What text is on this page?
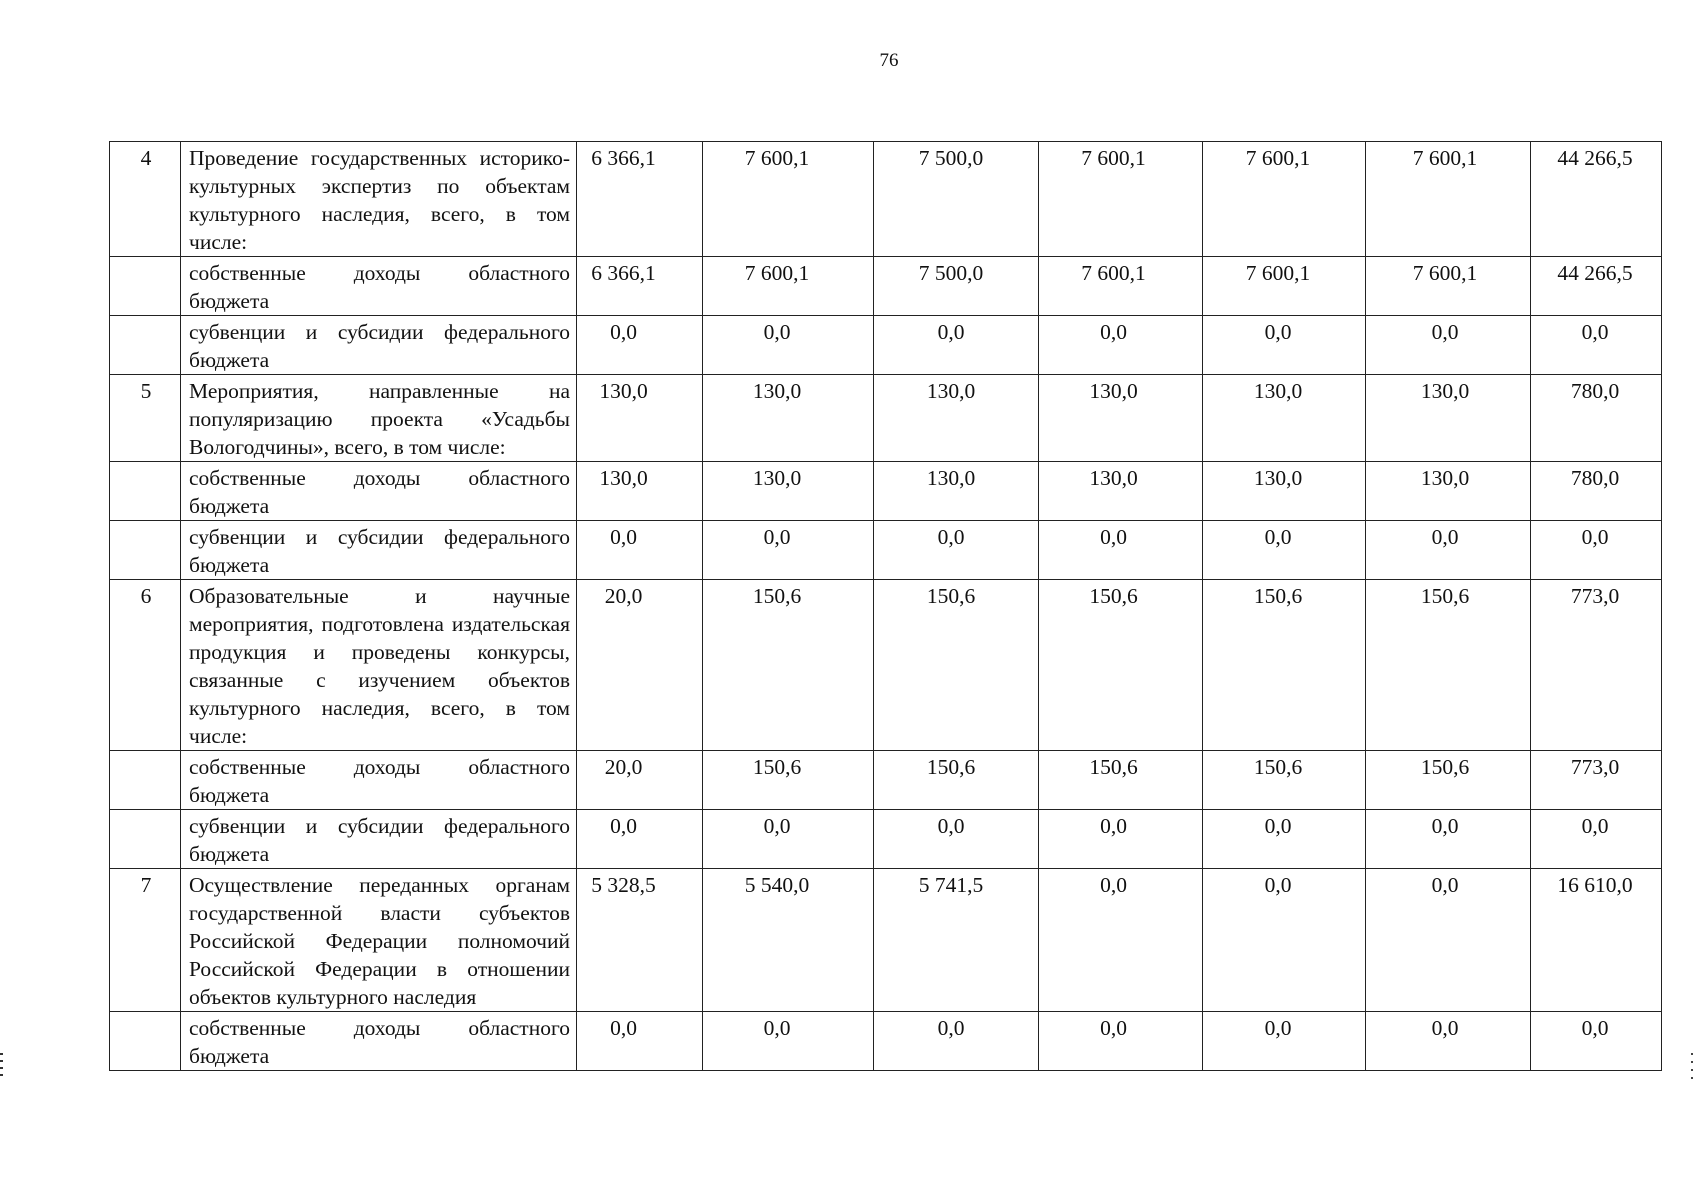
76
4	Проведение государственных историко-культурных экспертиз по объектам культурного наследия, всего, в том числе:	6 366,1	7 600,1	7 500,0	7 600,1	7 600,1	7 600,1	44 266,5
	собственные доходы областного бюджета	6 366,1	7 600,1	7 500,0	7 600,1	7 600,1	7 600,1	44 266,5
	субвенции и субсидии федерального бюджета	0,0	0,0	0,0	0,0	0,0	0,0	0,0
5	Мероприятия, направленные на популяризацию проекта «Усадьбы Вологодчины», всего, в том числе:	130,0	130,0	130,0	130,0	130,0	130,0	780,0
	собственные доходы областного бюджета	130,0	130,0	130,0	130,0	130,0	130,0	780,0
	субвенции и субсидии федерального бюджета	0,0	0,0	0,0	0,0	0,0	0,0	0,0
6	Образовательные и научные мероприятия, подготовлена издательская продукция и проведены конкурсы, связанные с изучением объектов культурного наследия, всего, в том числе:	20,0	150,6	150,6	150,6	150,6	150,6	773,0
	собственные доходы областного бюджета	20,0	150,6	150,6	150,6	150,6	150,6	773,0
	субвенции и субсидии федерального бюджета	0,0	0,0	0,0	0,0	0,0	0,0	0,0
7	Осуществление переданных органам государственной власти субъектов Российской Федерации полномочий Российской Федерации в отношении объектов культурного наследия	5 328,5	5 540,0	5 741,5	0,0	0,0	0,0	16 610,0
	собственные доходы областного бюджета	0,0	0,0	0,0	0,0	0,0	0,0	0,0
